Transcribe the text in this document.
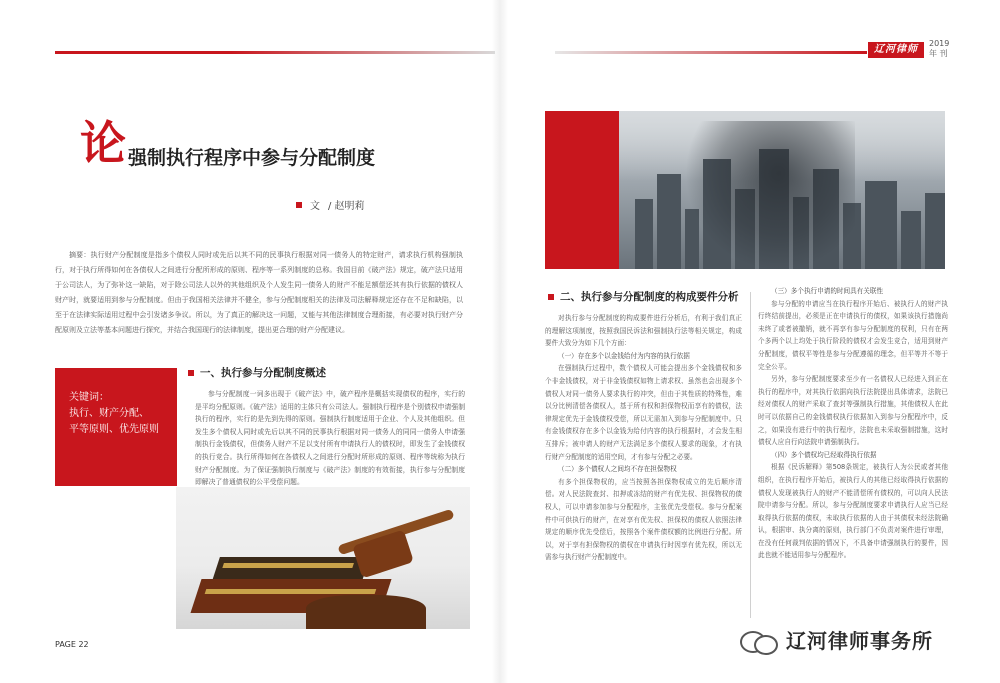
辽河律师
2019
年 刊
论 强制执行程序中参与分配制度
文 / 赵明莉
摘要：执行财产分配制度是指多个债权人同时或先后以其不同的民事执行根据对同一债务人的特定财产，请求执行机构强制执行，对于执行所得如何在各债权人之间进行分配所形成的原则、程序等一系列制度的总称。我国目前《破产法》规定，破产法只适用于公司法人，为了弥补这一缺陷，对于除公司法人以外的其他组织及个人发生同一债务人的财产不能足额偿还其有执行依据的债权人财产时，就要适用到参与分配制度。但由于我国相关法律并不健全，参与分配制度相关的法律及司法解释规定还存在不足和缺陷，以至于在法律实际适用过程中会引发诸多争议。所以，为了真正的解决这一问题，又能与其他法律制度合理衔接，有必要对执行财产分配原则及立法等基本问题进行探究，并结合我国现行的法律制度，提出更合理的财产分配建议。
关键词：
执行、财产分配、
平等原则、优先原则
一、执行参与分配制度概述
参与分配制度一词多出现于《破产法》中，破产程序是概括实现债权的程序，实行的是平均分配原则。《破产法》适用的主体只有公司法人。强制执行程序是个别债权申请强制执行的程序，实行的是先到先得的原则。强制执行制度适用于企业、个人及其他组织。但发生多个债权人同时或先后以其不同的民事执行根据对同一债务人的同同一债务人申请强制执行金钱债权，但债务人财产不足以支付所有申请执行人的债权时，即发生了金钱债权的执行竞合。执行所得如何在各债权人之间进行分配时所形成的原则、程序等统称为执行财产分配制度。为了保证强制执行制度与《破产法》制度的有效衔接，执行参与分配制度即解决了普通债权的公平受偿问题。
PAGE 22
二、执行参与分配制度的构成要件分析

对执行参与分配制度的构成要件进行分析后，有利于我们真正的理解这项制度，按照我国民诉法和强制执行法等相关规定，构成要件大致分为如下几个方面：

（一）存在多个以金钱给付为内容的执行依据

在强制执行过程中，数个债权人可能会提出多个金钱债权和多个非金钱债权，对于非金钱债权如物上请求权、虽然也会出现多个债权人对同一债务人要求执行的冲突，但由于其性质的特殊性，难以分比例清偿各债权人，基于所有权和担保物权而享有的债权，法律规定优先于金钱债权受偿，所以无需加入到参与分配制度中。只有金钱债权存在多个以金钱为给付内容的执行根据时，才会发生相互排斥；被申请人的财产无法满足多个债权人要求的现象，才有执行财产分配制度的适用空间，才有参与分配之必要。

（二）多个债权人之间均不存在担保物权

有多个担保物权的，应当按照各担保物权成立的先后顺序清偿。对人民法院查封、扣押或冻结的财产有优先权、担保物权的债权人，可以申请参加参与分配程序，主张优先受偿权。参与分配案件中可供执行的财产，在对享有优先权、担保权的债权人依照法律规定的顺序优先受偿后，按照各个案件债权额的比例进行分配。所以，对于享有担保物权的债权在申请执行时因享有优先权，所以无需参与执行财产分配制度中。

（三）多个执行申请的时间具有关联性

参与分配的申请应当在执行程序开始后、被执行人的财产执行终结前提出，必须是正在申请执行的债权，如果该执行措施尚未终了或者被撤销，就不再享有参与分配制度的权利，只有在两个多两个以上均处于执行阶段的债权才会发生竞合，适用到财产分配制度，债权平等性是参与分配遵循的理念，但平等并不等于完全公平。

另外，参与分配制度要求至少有一名债权人已经进入到正在执行的程序中，对其执行依据向执行法院提出具体请求，法院已经对债权人的财产采取了查封等强制执行措施，其他债权人在此时可以依据自己的金钱债权执行依据加入到参与分配程序中，反之，如果没有进行中的执行程序，法院也未采取强制措施，这时债权人应自行向法院申请强制执行。

（四）多个债权均已经取得执行依据

根据《民诉解释》第508条规定，被执行人为公民或者其他组织，在执行程序开始后，被执行人的其他已经取得执行依据的债权人发现被执行人的财产不能清偿所有债权的，可以向人民法院申请参与分配。所以，参与分配制度要求申请执行人应当已经取得执行依据的债权，未取执行依据的人由于其债权未经法院确认，根据审、执分离的原则，执行部门不负责对案件进行审理，在没有任何裁判依据的情况下，不具备申请强制执行的要件，因此也就不能适用参与分配程序。

辽河律师事务所
